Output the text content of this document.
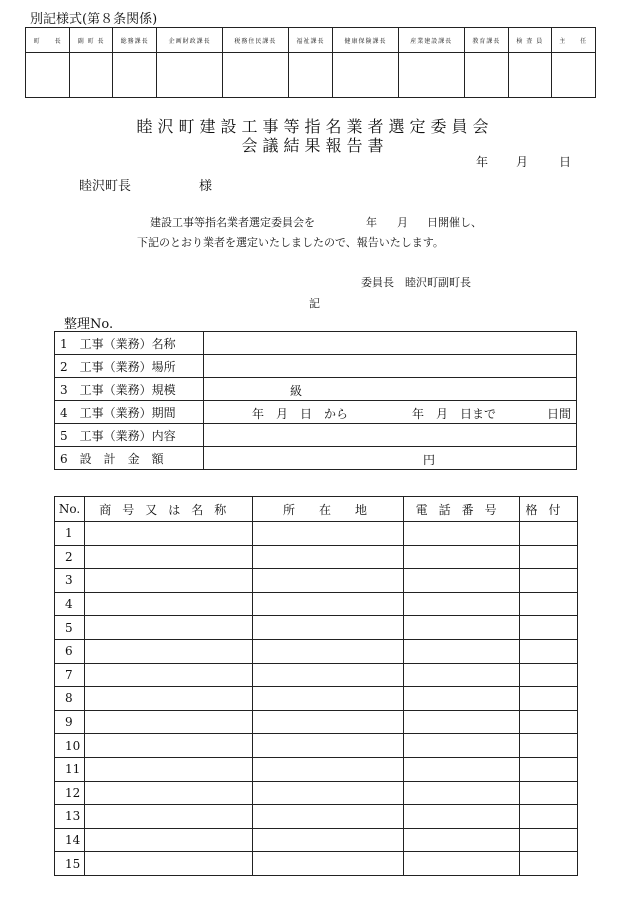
別記様式(第８条関係)
町　　長	副 町 長	総務課長	企画財政課長	税務住民課長	福祉課長	健康保険課長	産業建設課長	教育課長	検 査 員	主　　任

睦沢町建設工事等指名業者選定委員会
会議結果報告書
年 月	日
睦沢町長	様
建設工事等指名業者選定委員会を	年 月 日開催し、
下記のとおり業者を選定いたしましたので、報告いたします。
委員長　睦沢町副町長
記
整理No.
1　工事（業務）名称	
2　工事（業務）場所	
3　工事（業務）規模	級

4　工事（業務）期間	年　月　日　から 年　月　日まで 日間

5　工事（業務）内容	
6　設　計　金　額	円
No.	商号又は名称	所　在　地	電話番号	格付
1				
2				
3				
4				
5				
6				
7				
8				
9				
10				
11				
12				
13				
14				
15				
